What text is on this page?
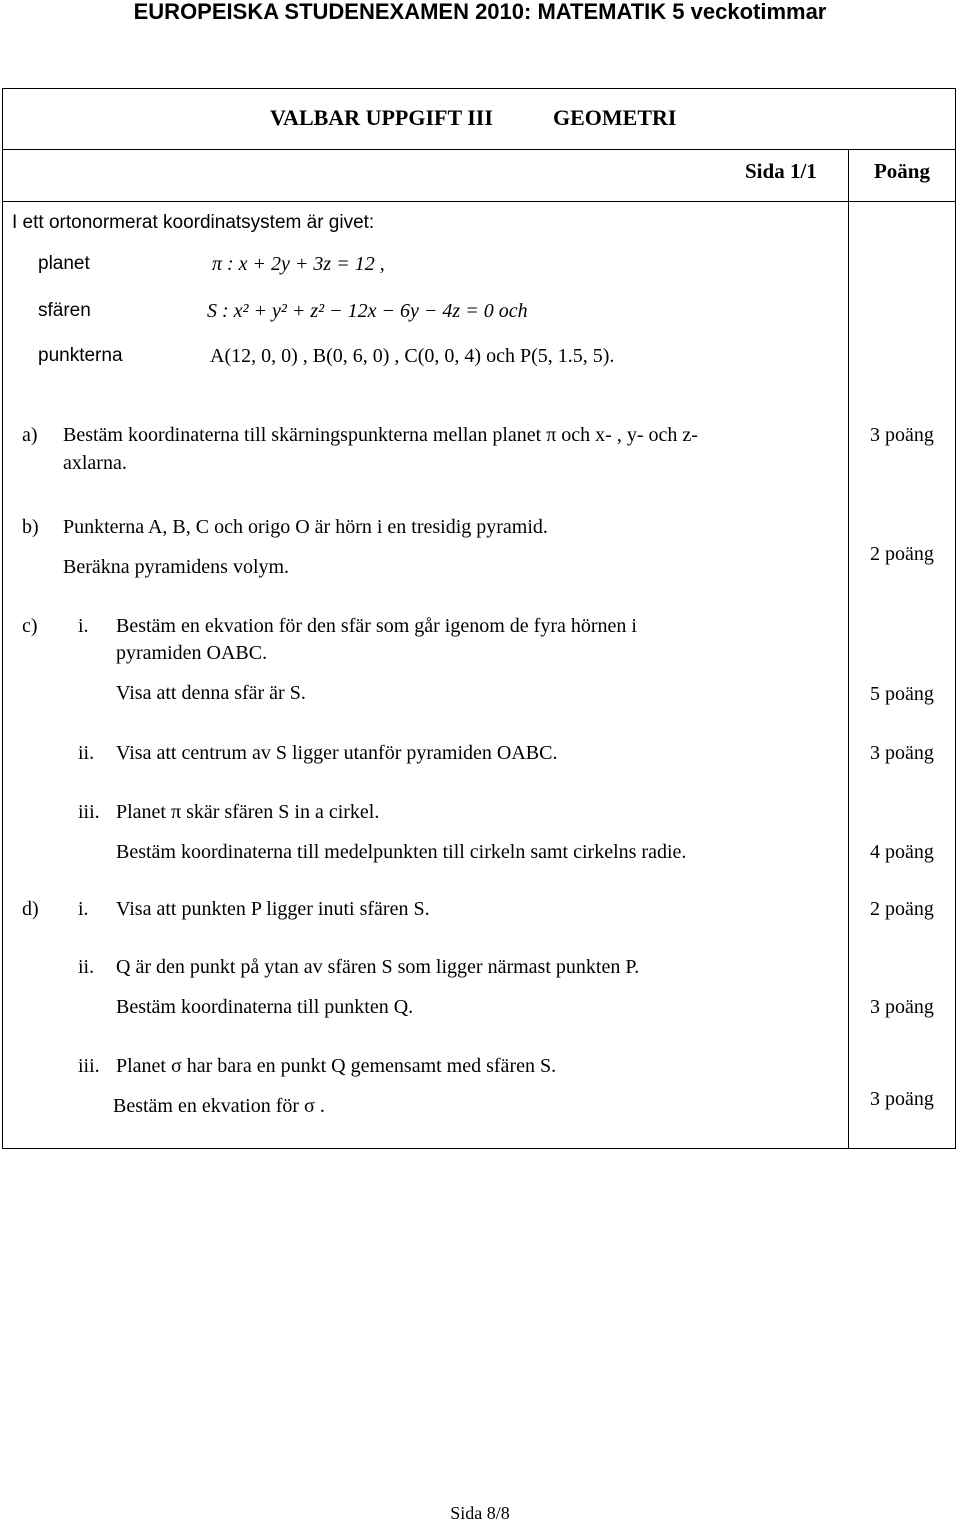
EUROPEISKA STUDENEXAMEN 2010: MATEMATIK 5 veckotimmar
VALBAR UPPGIFT III	GEOMETRI
Sida 1/1	Poäng
I ett ortonormerat koordinatsystem är givet:
planet	π : x + 2y + 3z = 12 ,
sfären	S : x² + y² + z² − 12x − 6y − 4z = 0 och
punkterna	A(12, 0, 0) , B(0, 6, 0) , C(0, 0, 4) och P(5, 1.5, 5).
a) Bestäm koordinaterna till skärningspunkterna mellan planet π och x- , y- och z-
axlarna.
3 poäng
b) Punkterna A, B, C och origo O är hörn i en tresidig pyramid.
Beräkna pyramidens volym.
2 poäng
c) i. Bestäm en ekvation för den sfär som går igenom de fyra hörnen i
pyramiden OABC.
Visa att denna sfär är S.	5 poäng
ii. Visa att centrum av S ligger utanför pyramiden OABC.	3 poäng
iii. Planet π skär sfären S in a cirkel.
Bestäm koordinaterna till medelpunkten till cirkeln samt cirkelns radie.	4 poäng
d) i. Visa att punkten P ligger inuti sfären S.	2 poäng
ii. Q är den punkt på ytan av sfären S som ligger närmast punkten P.
Bestäm koordinaterna till punkten Q.	3 poäng
iii. Planet σ har bara en punkt Q gemensamt med sfären S.
Bestäm en ekvation för σ .	3 poäng
Sida 8/8
